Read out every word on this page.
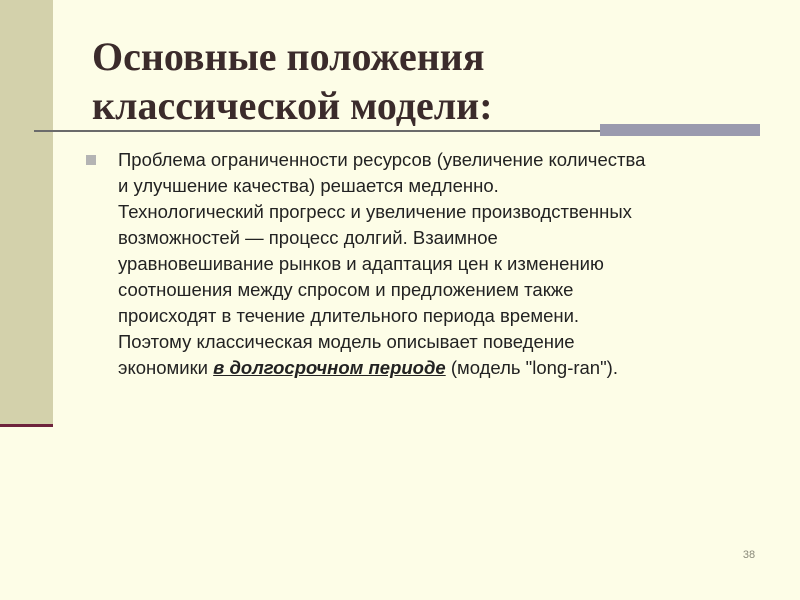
Основные положения
классической модели:
Проблема ограниченности ресурсов (увеличение количества
и улучшение качества) решается медленно.
Технологический прогресс и увеличение производственных
возможностей — процесс долгий. Взаимное
уравновешивание рынков и адаптация цен к изменению
соотношения между спросом и предложением также
происходят в течение длительного периода времени.
Поэтому классическая модель описывает поведение
экономики в долгосрочном периоде (модель "long-ran").
38
